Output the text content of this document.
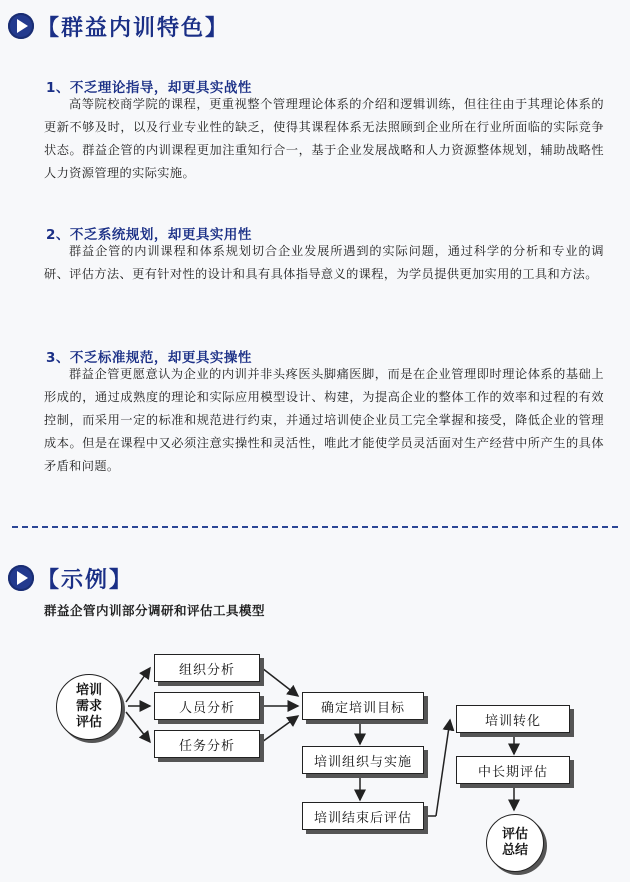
【群益内训特色】
1、不乏理论指导，却更具实战性
高等院校商学院的课程，更重视整个管理理论体系的介绍和逻辑训练，但往往由于其理论体系的更新不够及时，以及行业专业性的缺乏，使得其课程体系无法照顾到企业所在行业所面临的实际竞争状态。群益企管的内训课程更加注重知行合一，基于企业发展战略和人力资源整体规划，辅助战略性人力资源管理的实际实施。
2、不乏系统规划，却更具实用性
群益企管的内训课程和体系规划切合企业发展所遇到的实际问题，通过科学的分析和专业的调研、评估方法、更有针对性的设计和具有具体指导意义的课程，为学员提供更加实用的工具和方法。
3、不乏标准规范，却更具实操性
群益企管更愿意认为企业的内训并非头疼医头脚痛医脚，而是在企业管理即时理论体系的基础上形成的，通过成熟度的理论和实际应用模型设计、构建，为提高企业的整体工作的效率和过程的有效控制，而采用一定的标准和规范进行约束，并通过培训使企业员工完全掌握和接受，降低企业的管理成本。但是在课程中又必须注意实操性和灵活性，唯此才能使学员灵活面对生产经营中所产生的具体矛盾和问题。
【示例】
群益企管内训部分调研和评估工具模型
培训需求评估
组织分析
人员分析
任务分析
确定培训目标
培训组织与实施
培训结束后评估
培训转化
中长期评估
评估总结
